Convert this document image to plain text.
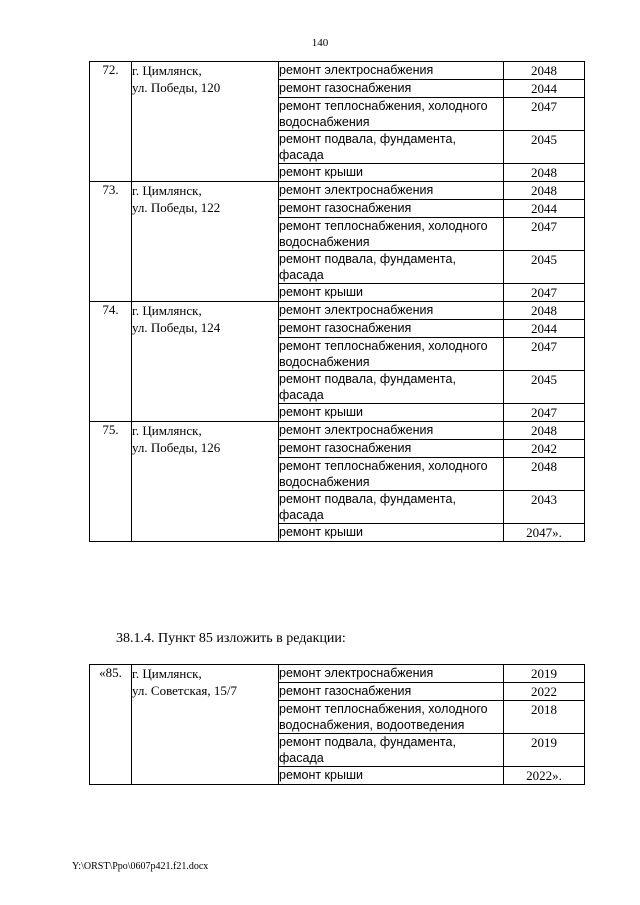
140
72.	г. Цимлянск,
ул. Победы, 120	ремонт электроснабжения	2048
		ремонт газоснабжения	2044
		ремонт теплоснабжения, холодного водоснабжения	2047
		ремонт подвала, фундамента, фасада	2045
		ремонт крыши	2048
73.	г. Цимлянск,
ул. Победы, 122	ремонт электроснабжения	2048
		ремонт газоснабжения	2044
		ремонт теплоснабжения, холодного водоснабжения	2047
		ремонт подвала, фундамента, фасада	2045
		ремонт крыши	2047
74.	г. Цимлянск,
ул. Победы, 124	ремонт электроснабжения	2048
		ремонт газоснабжения	2044
		ремонт теплоснабжения, холодного водоснабжения	2047
		ремонт подвала, фундамента, фасада	2045
		ремонт крыши	2047
75.	г. Цимлянск,
ул. Победы, 126	ремонт электроснабжения	2048
		ремонт газоснабжения	2042
		ремонт теплоснабжения, холодного водоснабжения	2048
		ремонт подвала, фундамента, фасада	2043
		ремонт крыши	2047».
38.1.4. Пункт 85 изложить в редакции:
«85.	г. Цимлянск,
ул. Советская, 15/7	ремонт электроснабжения	2019
		ремонт газоснабжения	2022
		ремонт теплоснабжения, холодного водоснабжения, водоотведения	2018
		ремонт подвала, фундамента, фасада	2019
		ремонт крыши	2022».
Y:\ORST\Ppo\0607p421.f21.docx
